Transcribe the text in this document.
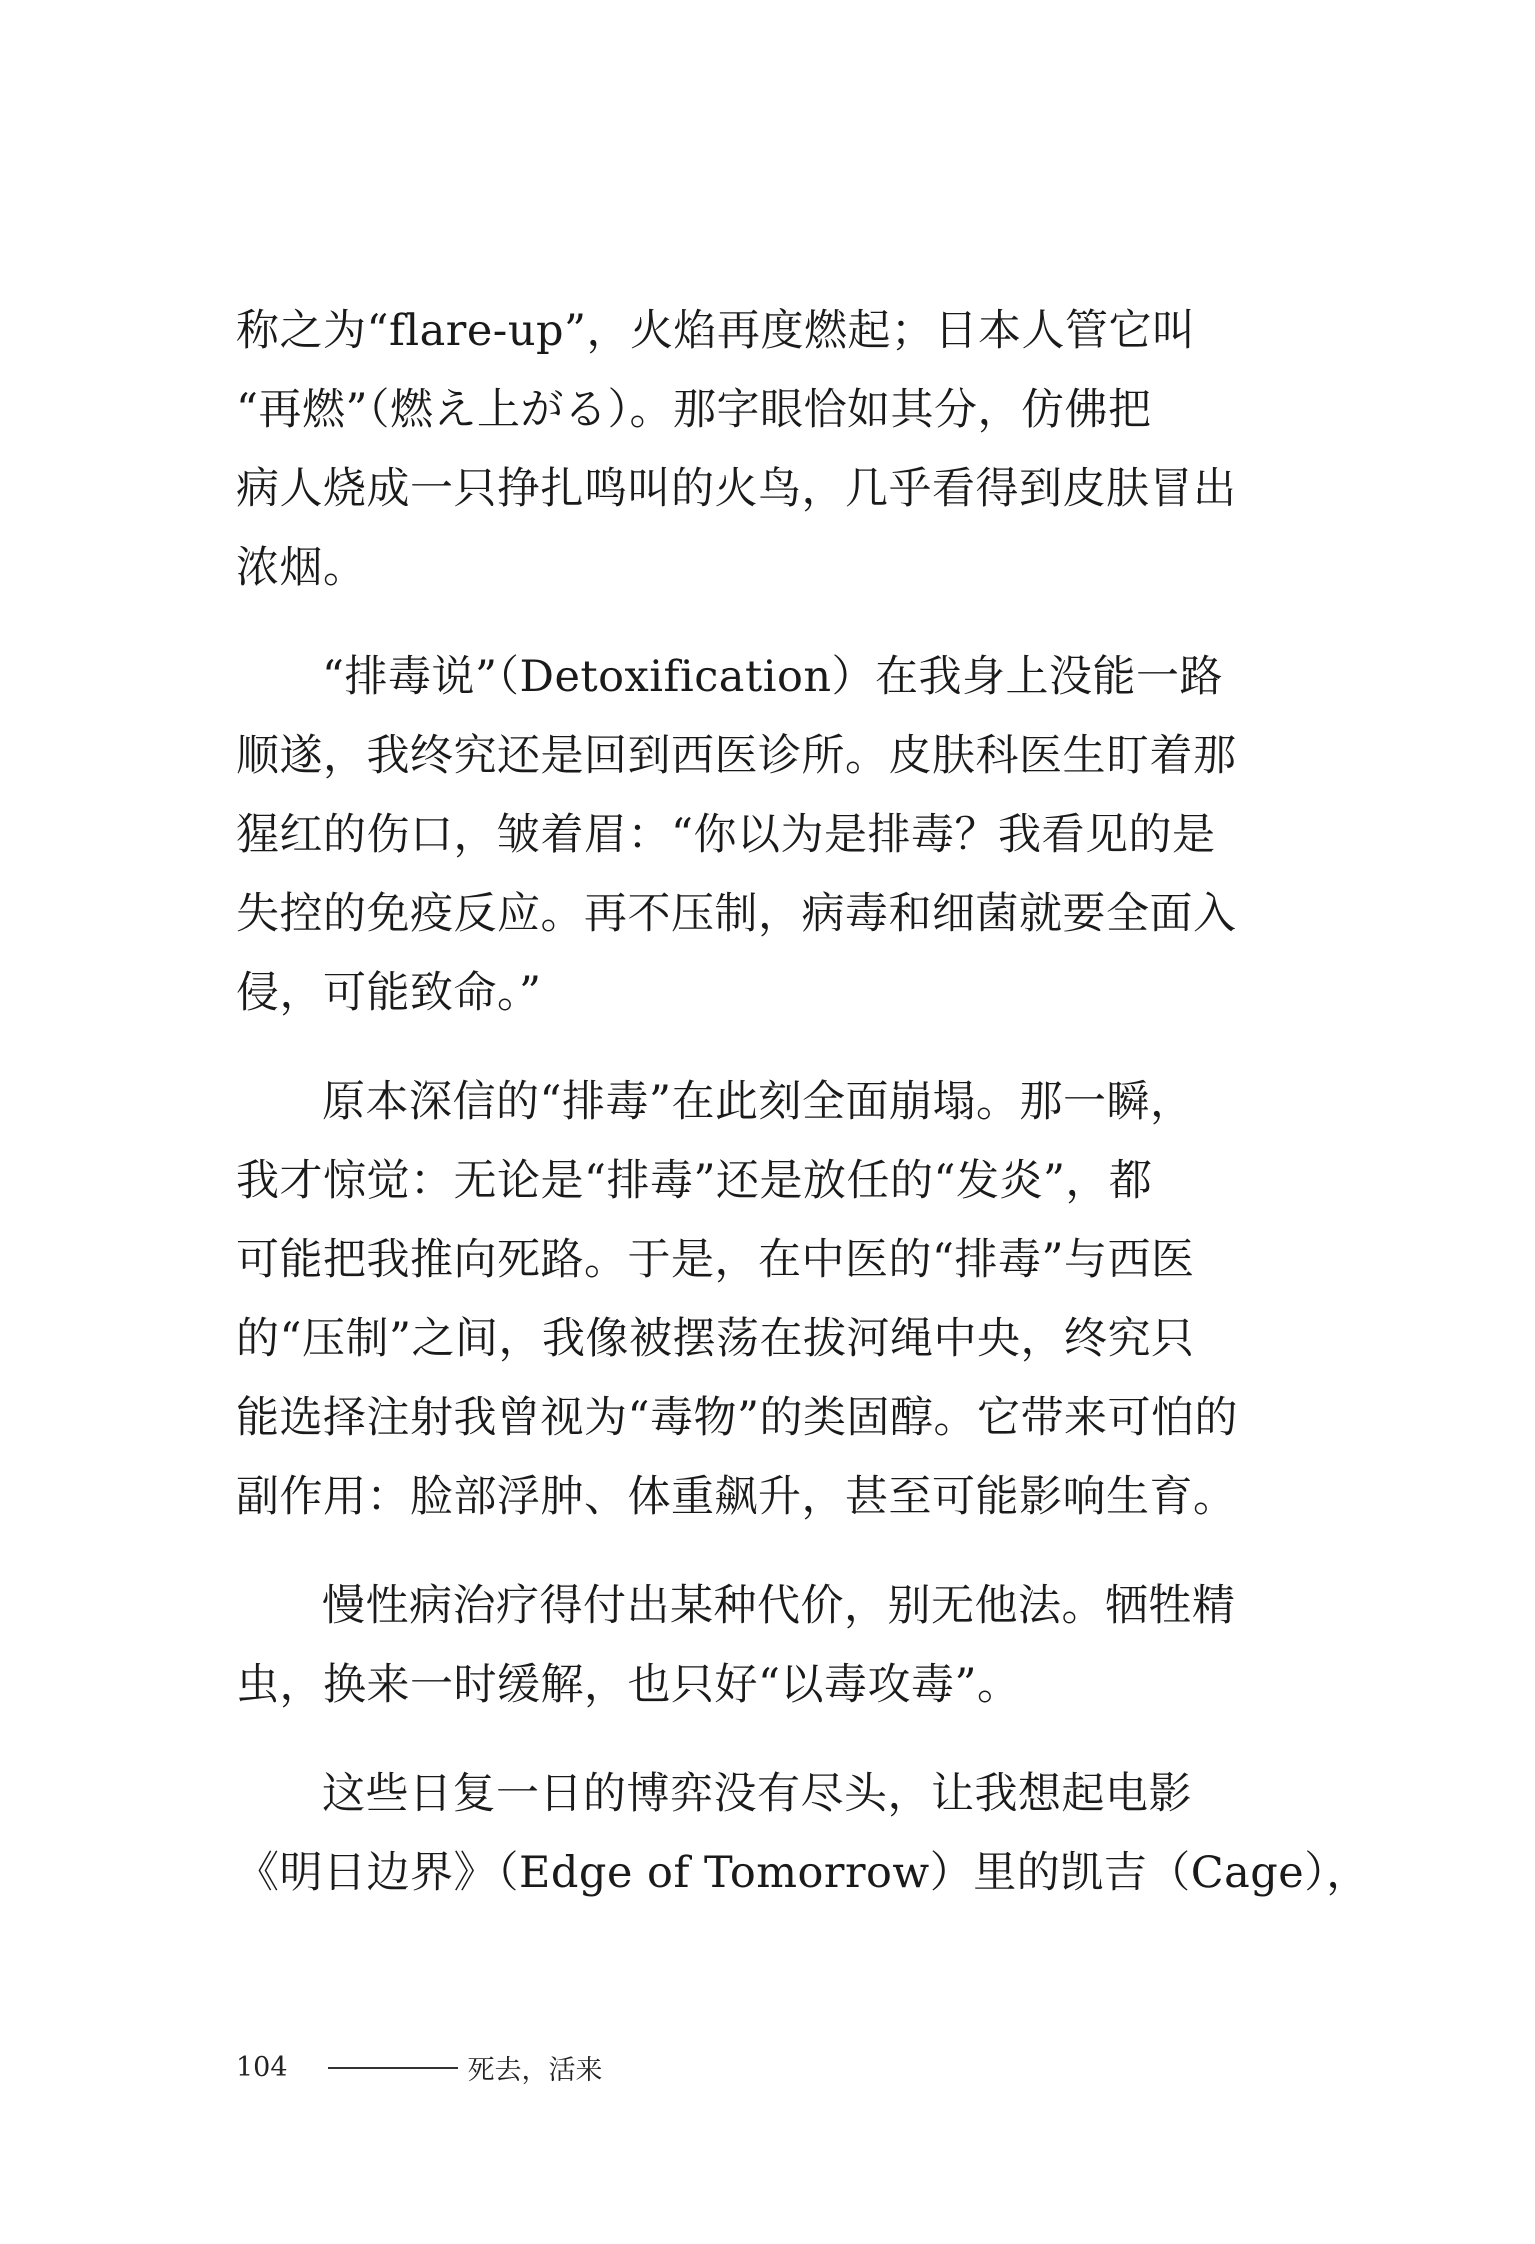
称之为“flare-up”，火焰再度燃起；日本人管它叫
“再燃”（燃え上がる）。那字眼恰如其分，仿佛把
病人烧成一只挣扎鸣叫的火鸟，几乎看得到皮肤冒出
浓烟。

“排毒说”（Detoxification）在我身上没能一路
顺遂，我终究还是回到西医诊所。皮肤科医生盯着那
猩红的伤口，皱着眉：“你以为是排毒？我看见的是
失控的免疫反应。再不压制，病毒和细菌就要全面入
侵，可能致命。”

原本深信的“排毒”在此刻全面崩塌。那一瞬，
我才惊觉：无论是“排毒”还是放任的“发炎”，都
可能把我推向死路。于是，在中医的“排毒”与西医
的“压制”之间，我像被摆荡在拔河绳中央，终究只
能选择注射我曾视为“毒物”的类固醇。它带来可怕的
副作用：脸部浮肿、体重飙升，甚至可能影响生育。

慢性病治疗得付出某种代价，别无他法。牺牲精
虫，换来一时缓解，也只好“以毒攻毒”。

这些日复一日的博弈没有尽头，让我想起电影
《明日边界》（Edge of Tomorrow）里的凯吉（Cage），

104	死去，活来
